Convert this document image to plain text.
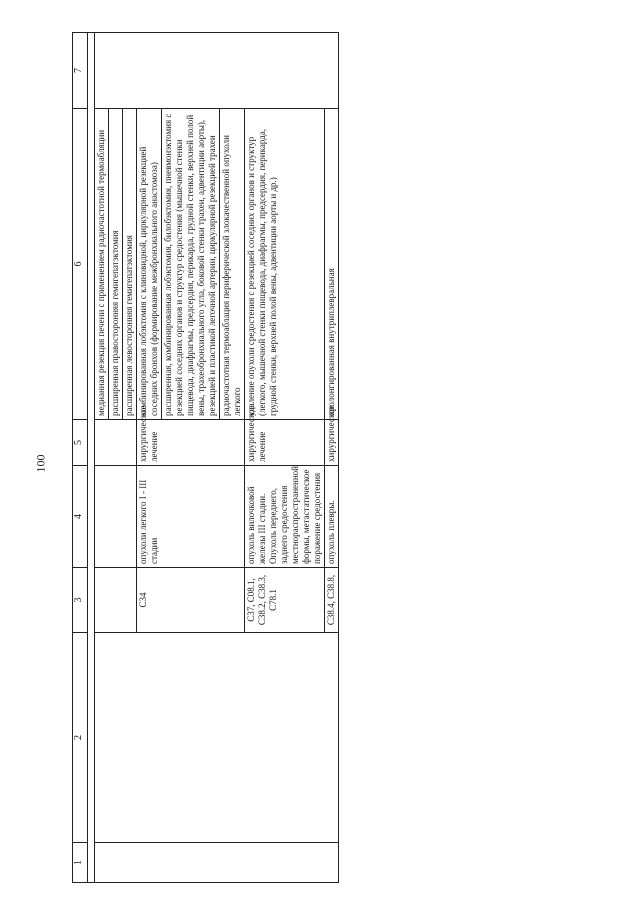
100
1	2	3	4	5	6	7

					медианная резекция печени с применением радиочастотной термоабляции	
					расширенная правосторонняя гемигепатэктомия	
					расширенная левосторонняя гемигепатэктомия	
		C34	опухоли легкого I - III стадии	хирургическое лечение	комбинированная лобэктомия с клиновидной, циркулярной резекцией соседних бронхов (формирование межбронхиального анастомоза)	
					расширенная, комбинированная лобэктомия, билобэктомия, пневмонэктомия с резекцией соседних органов и структур средостения (мышечной стенки пищевода, диафрагмы, предсердия, перикарда, грудной стенки, верхней полой вены, трахеобронхиального угла, боковой стенки трахеи, адвентиции аорты), резекцией и пластикой легочной артерии, циркулярной резекцией трахеи	
					радиочастотная термоаблация периферической злокачественной опухоли легкого	
		C37, C08.1, C38.2, C38.3, C78.1	опухоль вилочковой железы III стадии. Опухоль переднего, заднего средостения местнораспространенной формы, метастатическое поражение средостения	хирургическое лечение	удаление опухоли средостения с резекцией соседних органов и структур (легкого, мышечной стенки пищевода, диафрагмы, предсердия, перикарда, грудной стенки, верхней полой вены, адвентиции аорты и др.)	
		C38.4, C38.8,	опухоль плевры.	хирургическое	пролонгированная внутриплевральная	
